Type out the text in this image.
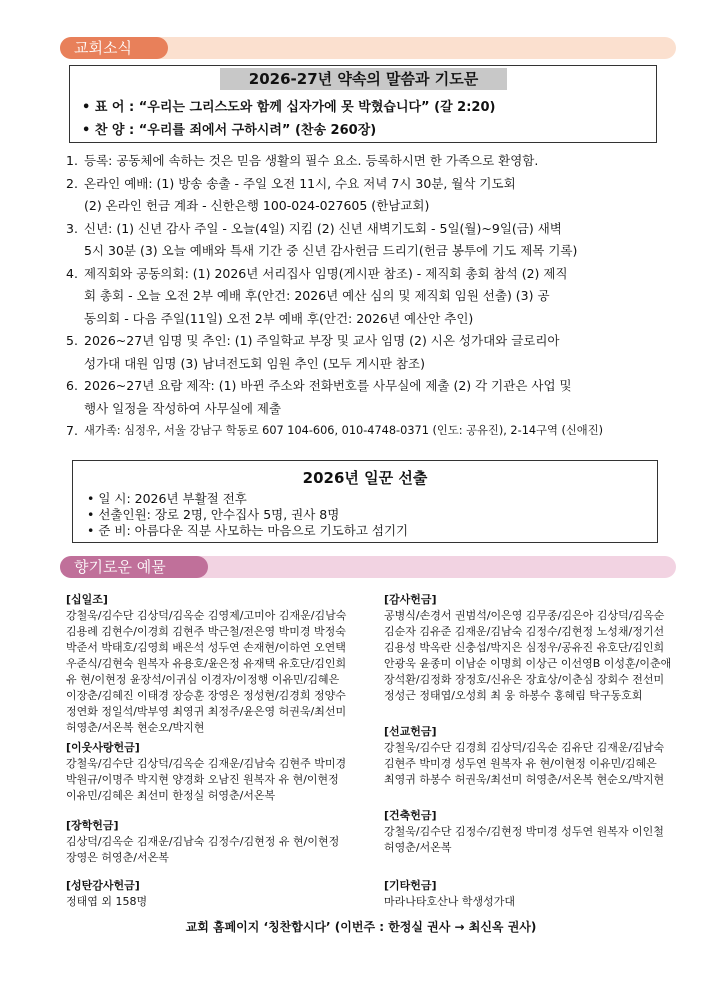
교회소식
2026-27년 약속의 말씀과 기도문
• 표 어 : “우리는 그리스도와 함께 십자가에 못 박혔습니다” (갈 2:20)
• 찬 양 : “우리를 죄에서 구하시려” (찬송 260장)
1. 등록: 공동체에 속하는 것은 믿음 생활의 필수 요소. 등록하시면 한 가족으로 환영함.
2. 온라인 예배: (1) 방송 송출 - 주일 오전 11시, 수요 저녁 7시 30분, 월삭 기도회
(2) 온라인 헌금 계좌 - 신한은행 100-024-027605 (한남교회)
3. 신년: (1) 신년 감사 주일 - 오늘(4일) 지킴 (2) 신년 새벽기도회 - 5일(월)~9일(금) 새벽
5시 30분 (3) 오늘 예배와 특새 기간 중 신년 감사헌금 드리기(헌금 봉투에 기도 제목 기록)
4. 제직회와 공동의회: (1) 2026년 서리집사 임명(게시판 참조) - 제직회 총회 참석 (2) 제직
회 총회 - 오늘 오전 2부 예배 후(안건: 2026년 예산 심의 및 제직회 임원 선출) (3) 공
동의회 - 다음 주일(11일) 오전 2부 예배 후(안건: 2026년 예산안 추인)
5. 2026~27년 임명 및 추인: (1) 주일학교 부장 및 교사 임명 (2) 시온 성가대와 글로리아
성가대 대원 임명 (3) 남녀전도회 임원 추인 (모두 게시판 참조)
6. 2026~27년 요람 제작: (1) 바뀐 주소와 전화번호를 사무실에 제출 (2) 각 기관은 사업 및
행사 일정을 작성하여 사무실에 제출
7. 새가족: 심정우, 서울 강남구 학동로 607 104-606, 010-4748-0371 (인도: 공유진), 2-14구역 (신애진)
2026년 일꾼 선출
• 일 시: 2026년 부활절 전후
• 선출인원: 장로 2명, 안수집사 5명, 권사 8명
• 준 비: 아름다운 직분 사모하는 마음으로 기도하고 섬기기
향기로운 예물
[십일조]
강철욱/김수단 김상덕/김옥순 김영제/고미아 김재운/김남숙
김용례 김현수/이경희 김현주 박근철/전은영 박미경 박정숙
박준서 박태호/김영희 배은석 성두연 손재현/이하연 오연택
우준식/김현숙 원복자 유용호/윤은정 유재택 유호단/김인희
유 현/이현정 윤장석/이귀심 이경자/이정행 이유민/김혜은
이장춘/김혜진 이태경 장승훈 장영은 정성현/김경희 정양수
정연화 정일석/박부영 최영귀 최정주/윤은영 허권욱/최선미
허영춘/서온복 현순오/박지현
[이웃사랑헌금]
강철욱/김수단 김상덕/김옥순 김재운/김남숙 김현주 박미경
박원규/이명주 박지현 양경화 오남진 원복자 유 현/이현정
이유민/김혜은 최선미 한정실 허영춘/서온복
[장학헌금]
김상덕/김옥순 김재운/김남숙 김정수/김현정 유 현/이현정
장영은 허영춘/서온복
[성탄감사헌금]
정태엽 외 158명
[감사헌금]
공병식/손경서 권범석/이은영 김무종/김은아 김상덕/김옥순
김순자 김유준 김재운/김남숙 김정수/김현정 노성채/정기선
김용성 박옥란 신충섭/박지은 심정우/공유진 유호단/김인희
안광욱 윤종미 이남순 이명희 이상근 이선영B 이성훈/이춘애
장석환/김정화 장정호/신유은 장효상/이춘심 장회수 전선미
정성근 정태엽/오성희 최 웅 하봉수 홍혜림 탁구동호회
[선교헌금]
강철욱/김수단 김경희 김상덕/김옥순 김유단 김재운/김남숙
김현주 박미경 성두연 원복자 유 현/이현정 이유민/김혜은
최영귀 하봉수 허권욱/최선미 허영춘/서온복 현순오/박지현
[건축헌금]
강철욱/김수단 김정수/김현정 박미경 성두연 원복자 이인철
허영춘/서온복
[기타헌금]
마라나타호산나 학생성가대
교회 홈페이지 ‘칭찬합시다’ (이번주 : 한정실 권사 → 최신옥 권사)
